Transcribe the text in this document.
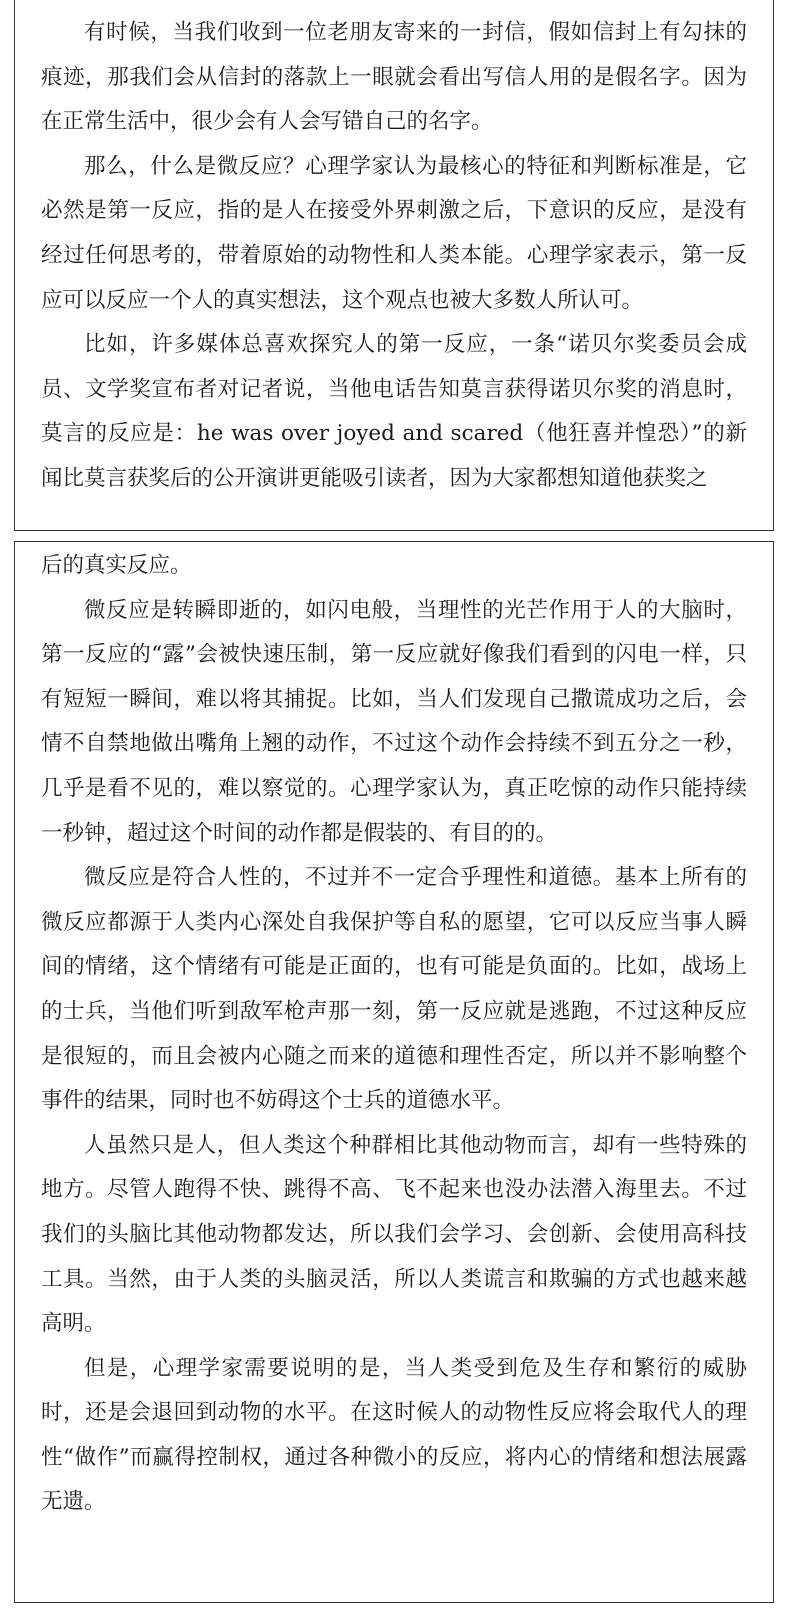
有时候，当我们收到一位老朋友寄来的一封信，假如信封上有勾抹的痕迹，那我们会从信封的落款上一眼就会看出写信人用的是假名字。因为在正常生活中，很少会有人会写错自己的名字。

那么，什么是微反应？心理学家认为最核心的特征和判断标准是，它必然是第一反应，指的是人在接受外界刺激之后，下意识的反应，是没有经过任何思考的，带着原始的动物性和人类本能。心理学家表示，第一反应可以反应一个人的真实想法，这个观点也被大多数人所认可。

比如，许多媒体总喜欢探究人的第一反应，一条“诺贝尔奖委员会成员、文学奖宣布者对记者说，当他电话告知莫言获得诺贝尔奖的消息时，莫言的反应是：he was over joyed and scared（他狂喜并惶恐）”的新闻比莫言获奖后的公开演讲更能吸引读者，因为大家都想知道他获奖之

后的真实反应。

微反应是转瞬即逝的，如闪电般，当理性的光芒作用于人的大脑时，第一反应的“露”会被快速压制，第一反应就好像我们看到的闪电一样，只有短短一瞬间，难以将其捕捉。比如，当人们发现自己撒谎成功之后，会情不自禁地做出嘴角上翘的动作，不过这个动作会持续不到五分之一秒，几乎是看不见的，难以察觉的。心理学家认为，真正吃惊的动作只能持续一秒钟，超过这个时间的动作都是假装的、有目的的。

微反应是符合人性的，不过并不一定合乎理性和道德。基本上所有的微反应都源于人类内心深处自我保护等自私的愿望，它可以反应当事人瞬间的情绪，这个情绪有可能是正面的，也有可能是负面的。比如，战场上的士兵，当他们听到敌军枪声那一刻，第一反应就是逃跑，不过这种反应是很短的，而且会被内心随之而来的道德和理性否定，所以并不影响整个事件的结果，同时也不妨碍这个士兵的道德水平。

人虽然只是人，但人类这个种群相比其他动物而言，却有一些特殊的地方。尽管人跑得不快、跳得不高、飞不起来也没办法潜入海里去。不过我们的头脑比其他动物都发达，所以我们会学习、会创新、会使用高科技工具。当然，由于人类的头脑灵活，所以人类谎言和欺骗的方式也越来越高明。

但是，心理学家需要说明的是，当人类受到危及生存和繁衍的威胁时，还是会退回到动物的水平。在这时候人的动物性反应将会取代人的理性“做作”而赢得控制权，通过各种微小的反应，将内心的情绪和想法展露无遗。
